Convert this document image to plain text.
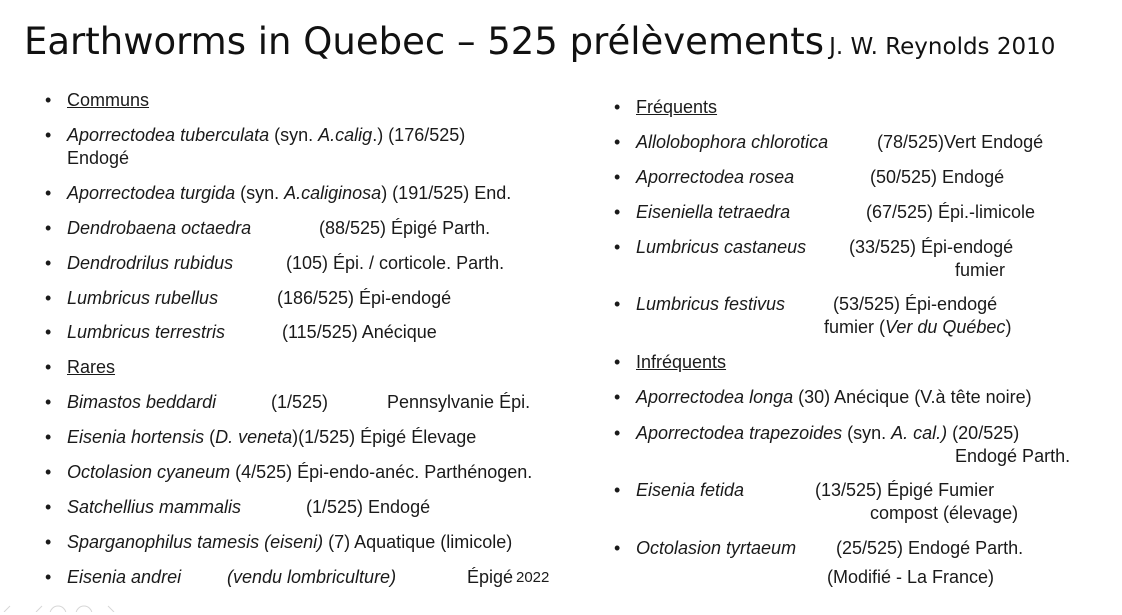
Earthworms in Quebec – 525 prélèvements J. W. Reynolds 2010
• Communs
• Aporrectodea tuberculata (syn. A.calig.) (176/525)
Endogé
• Aporrectodea turgida (syn. A.caliginosa) (191/525) End.
• Dendrobaena octaedra	(88/525) Épigé Parth.
• Dendrodrilus rubidus	(105) Épi. / corticole. Parth.
• Lumbricus rubellus	(186/525) Épi-endogé
• Lumbricus terrestris	(115/525) Anécique
• Rares
• Bimastos beddardi	(1/525)	Pennsylvanie Épi.
• Eisenia hortensis (D. veneta)(1/525) Épigé Élevage
• Octolasion cyaneum (4/525) Épi-endo-anéc. Parthénogen.
• Satchellius mammalis	(1/525) Endogé
• Sparganophilus tamesis (eiseni) (7) Aquatique (limicole)
• Eisenia andrei	(vendu lombriculture)	Épigé 2022
• Fréquents
• Allolobophora chlorotica	(78/525)Vert Endogé
• Aporrectodea rosea	(50/525) Endogé
• Eiseniella tetraedra	(67/525) Épi.-limicole
• Lumbricus castaneus (33/525) Épi-endogé
fumier
• Lumbricus festivus	(53/525) Épi-endogé
fumier (Ver du Québec)
• Infréquents
• Aporrectodea longa (30) Anécique (V.à tête noire)
• Aporrectodea trapezoides (syn. A. cal.) (20/525)
Endogé Parth.
• Eisenia fetida	(13/525) Épigé Fumier
compost (élevage)
• Octolasion tyrtaeum (25/525) Endogé Parth.
(Modifié - La France)
